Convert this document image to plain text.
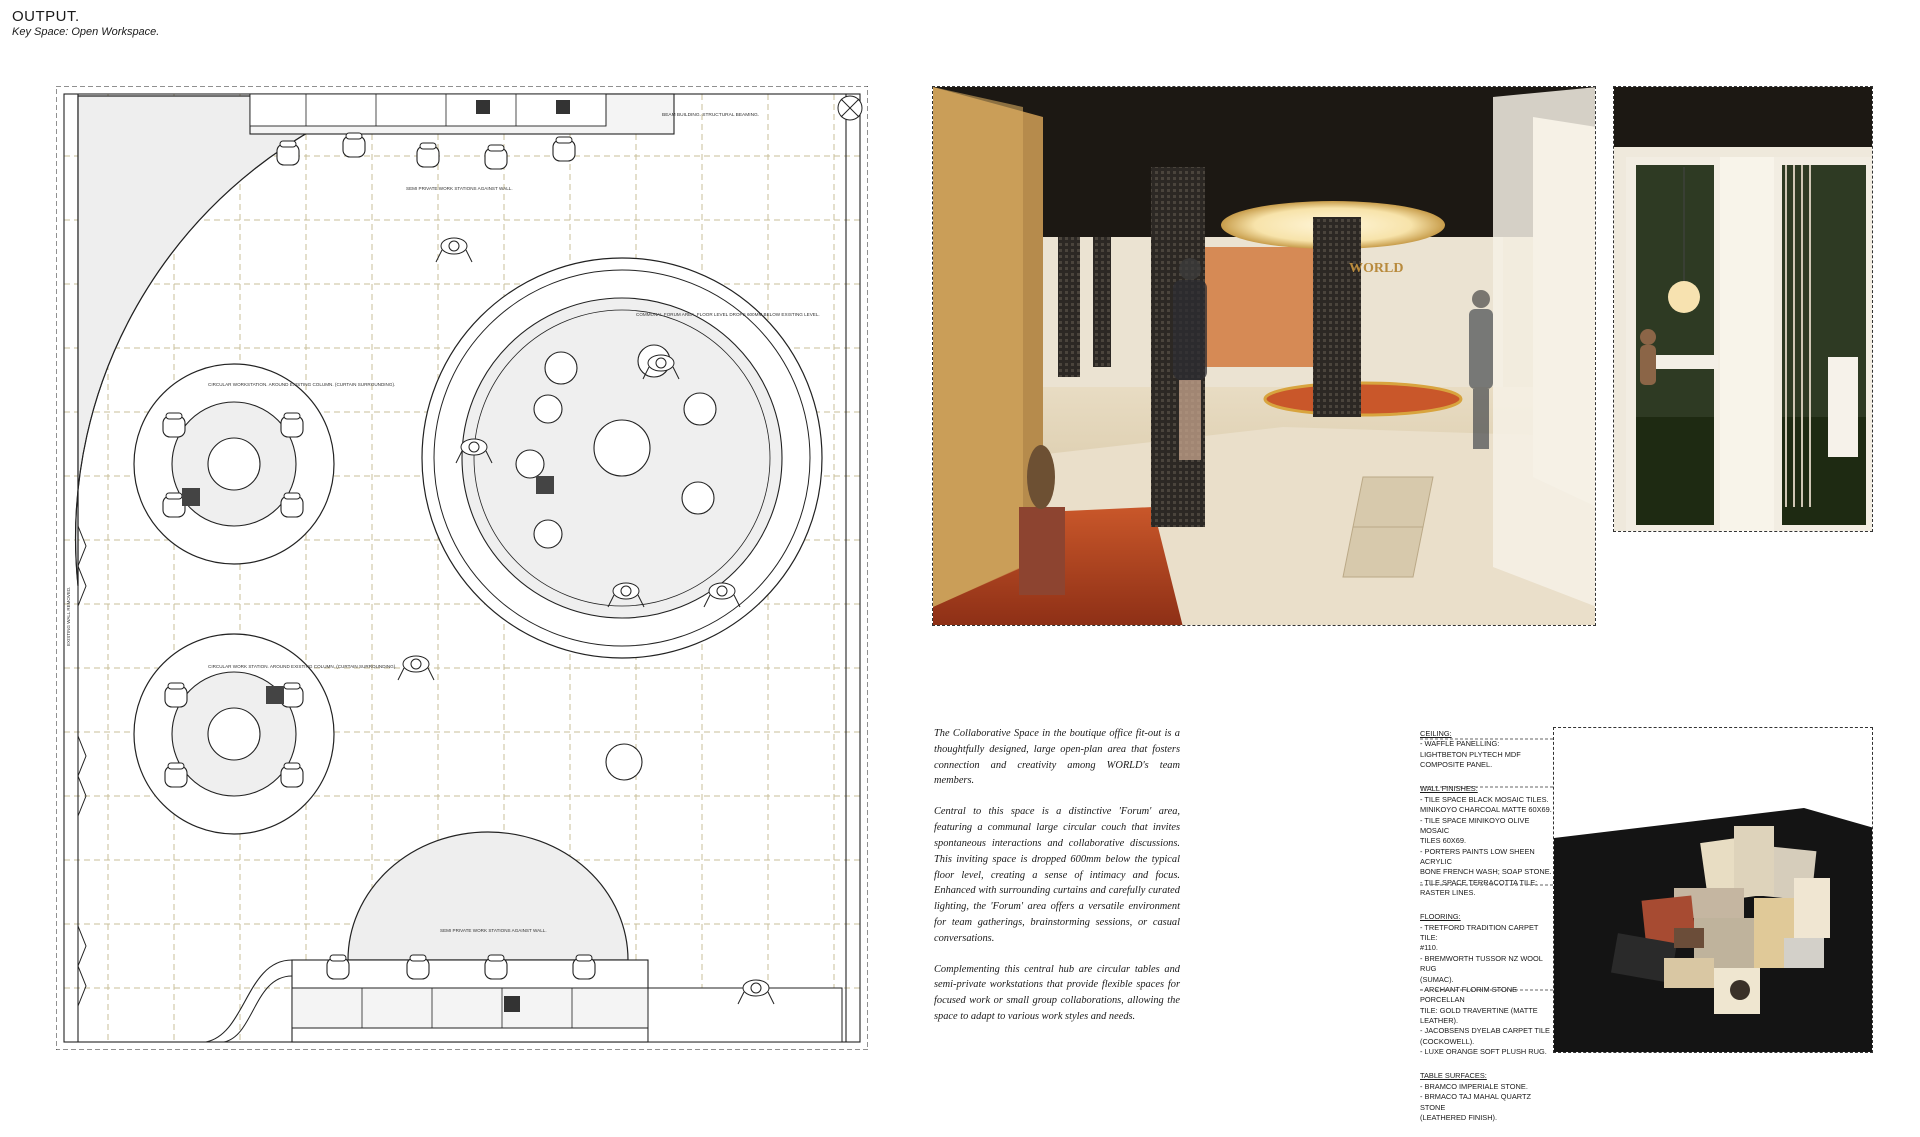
OUTPUT.
Key Space: Open Workspace.
EXISTING WALL REMOVED.
BEAM BUILDING. STRUCTURAL BEAMING.
SEMI PRIVATE WORK STATIONS AGAINST WALL.
CIRCULAR WORKSTATION. AROUND EXISTING COLUMN. (CURTAIN SURROUNDING).
COMMUNAL FORUM AREA. FLOOR LEVEL DROPS 600MM BELOW EXISTING LEVEL.
CIRCULAR WORK STATION. AROUND EXISTING COLUMN. (CURTAIN SURROUNDING).
SEMI PRIVATE WORK STATIONS AGAINST WALL.
WORLD

The Collaborative Space in the boutique office fit-out is a thoughtfully designed, large open-plan area that fosters connection and creativity among WORLD's team members.

Central to this space is a distinctive 'Forum' area, featuring a communal large circular couch that invites spontaneous interactions and collaborative discussions. This inviting space is dropped 600mm below the typical floor level, creating a sense of intimacy and focus. Enhanced with surrounding curtains and carefully curated lighting, the 'Forum' area offers a versatile environment for team gatherings, brainstorming sessions, or casual conversations.

Complementing this central hub are circular tables and semi-private workstations that provide flexible spaces for focused work or small group collaborations, allowing the space to adapt to various work styles and needs.

CEILING:
- WAFFLE PANELLING:
LIGHTBETON PLYTECH MDF
COMPOSITE PANEL.
WALL FINISHES:
- TILE SPACE BLACK MOSAIC TILES.
MINIKOYO CHARCOAL MATTE 60X69.
- TILE SPACE MINIKOYO OLIVE MOSAIC
TILES 60X69.
- PORTERS PAINTS LOW SHEEN ACRYLIC
BONE FRENCH WASH; SOAP STONE.
- TILE SPACE TERRACOTTA TILE:
RASTER LINES.
FLOORING:
- TRETFORD TRADITION CARPET TILE:
#110.
- BREMWORTH TUSSOR NZ WOOL RUG
(SUMAC).
- ARCHANT FLORIM STONE PORCELLAN
TILE: GOLD TRAVERTINE (MATTE LEATHER).
- JACOBSENS DYELAB CARPET TILE
(COCKOWELL).
- LUXE ORANGE SOFT PLUSH RUG.
TABLE SURFACES:
- BRAMCO IMPERIALE STONE.
- BRMACO TAJ MAHAL QUARTZ STONE
(LEATHERED FINISH).
